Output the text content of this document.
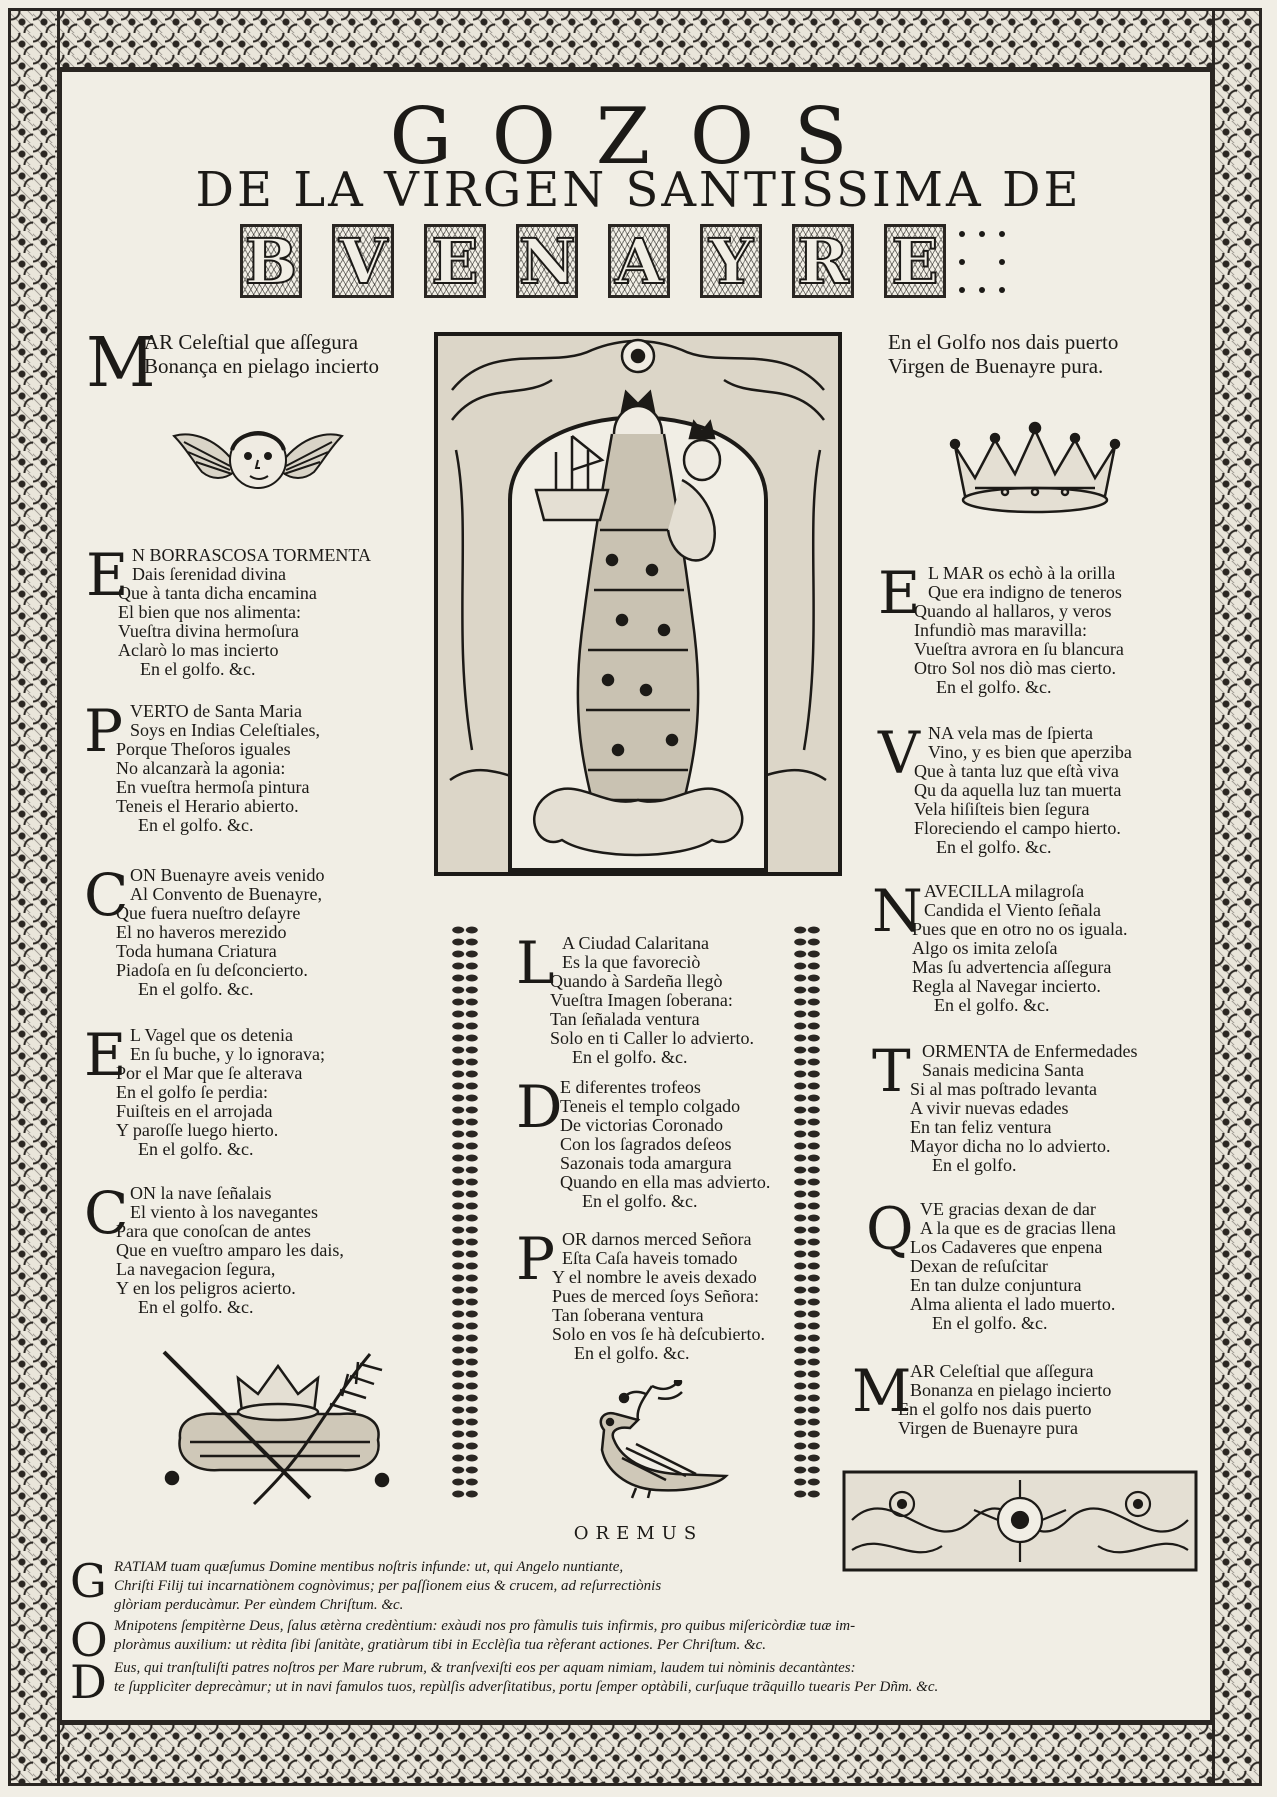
GOZOS
DE LA VIRGEN SANTISSIMA DE
B V E N A Y R E
M
AR Celeſtial que aſſegura
Bonança en pielago incierto
En el Golfo nos dais puerto
Virgen de Buenayre pura.
E N BORRASCOSA TORMENTA
Dais ſerenidad divina
Que à tanta dicha encamina
El bien que nos alimenta:
Vueſtra divina hermoſura
Aclarò lo mas incierto
En el golfo. &c.
P VERTO de Santa Maria
Soys en Indias Celeſtiales,
Porque Theſoros iguales
No alcanzarà la agonia:
En vueſtra hermoſa pintura
Teneis el Herario abierto.
En el golfo. &c.
C ON Buenayre aveis venido
Al Convento de Buenayre,
Que fuera nueſtro deſayre
El no haveros merezido
Toda humana Criatura
Piadoſa en ſu deſconcierto.
En el golfo. &c.
E L Vagel que os detenia
En ſu buche, y lo ignorava;
Por el Mar que ſe alterava
En el golfo ſe perdia:
Fuiſteis en el arrojada
Y paroſſe luego hierto.
En el golfo. &c.
C ON la nave ſeñalais
El viento à los navegantes
Para que conoſcan de antes
Que en vueſtro amparo les dais,
La navegacion ſegura,
Y en los peligros acierto.
En el golfo. &c.
L A Ciudad Calaritana
Es la que favoreciò
Quando à Sardeña llegò
Vueſtra Imagen ſoberana:
Tan ſeñalada ventura
Solo en ti Caller lo advierto.
En el golfo. &c.
D
E diferentes trofeos
Teneis el templo colgado
De victorias Coronado
Con los ſagrados deſeos
Sazonais toda amargura
Quando en ella mas advierto.
En el golfo. &c.
P OR darnos merced Señora
Eſta Caſa haveis tomado
Y el nombre le aveis dexado
Pues de merced ſoys Señora:
Tan ſoberana ventura
Solo en vos ſe hà deſcubierto.
En el golfo. &c.
E L MAR os echò à la orilla
Que era indigno de teneros
Quando al hallaros, y veros
Infundiò mas maravilla:
Vueſtra avrora en ſu blancura
Otro Sol nos diò mas cierto.
En el golfo. &c.
V NA vela mas de ſpierta
Vino, y es bien que aperziba
Que à tanta luz que eſtà viva
Qu da aquella luz tan muerta
Vela hiſiſteis bien ſegura
Floreciendo el campo hierto.
En el golfo. &c.
N AVECILLA milagroſa
Candida el Viento ſeñala
Pues que en otro no os iguala.
Algo os imita zeloſa
Mas ſu advertencia aſſegura
Regla al Navegar incierto.
En el golfo. &c.
T ORMENTA de Enfermedades
Sanais medicina Santa
Si al mas poſtrado levanta
A vivir nuevas edades
En tan feliz ventura
Mayor dicha no lo advierto.
En el golfo.
Q VE gracias dexan de dar
A la que es de gracias llena
Los Cadaveres que enpena
Dexan de reſuſcitar
En tan dulze conjuntura
Alma alienta el lado muerto.
En el golfo. &c.
M
AR Celeſtial que aſſegura
Bonanza en pielago incierto
En el golfo nos dais puerto
Virgen de Buenayre pura
OREMUS
G RATIAM tuam quæſumus Domine mentibus noſtris infunde: ut, qui Angelo nuntiante,
Chriſti Filij tui incarnatiònem cognòvimus; per paſſionem eius & crucem, ad reſurrectiònis
glòriam perducàmur. Per eùndem Chriſtum. &c.
O Mnipotens ſempitèrne Deus, ſalus ætèrna credèntium: exàudi nos pro fàmulis tuis infirmis, pro quibus miſericòrdiæ tuæ im-
ploràmus auxilium: ut rèdita ſibi ſanitàte, gratiàrum tibi in Ecclèſia tua rèferant actiones. Per Chriſtum. &c.
D Eus, qui tranſtuliſti patres noſtros per Mare rubrum, & tranſvexiſti eos per aquam nimiam, laudem tui nòminis decantàntes:
te ſupplicìter deprecàmur; ut in navi famulos tuos, repùlſis adverſitatibus, portu ſemper optàbili, curſuque trãquillo tuearis Per Dñm. &c.
